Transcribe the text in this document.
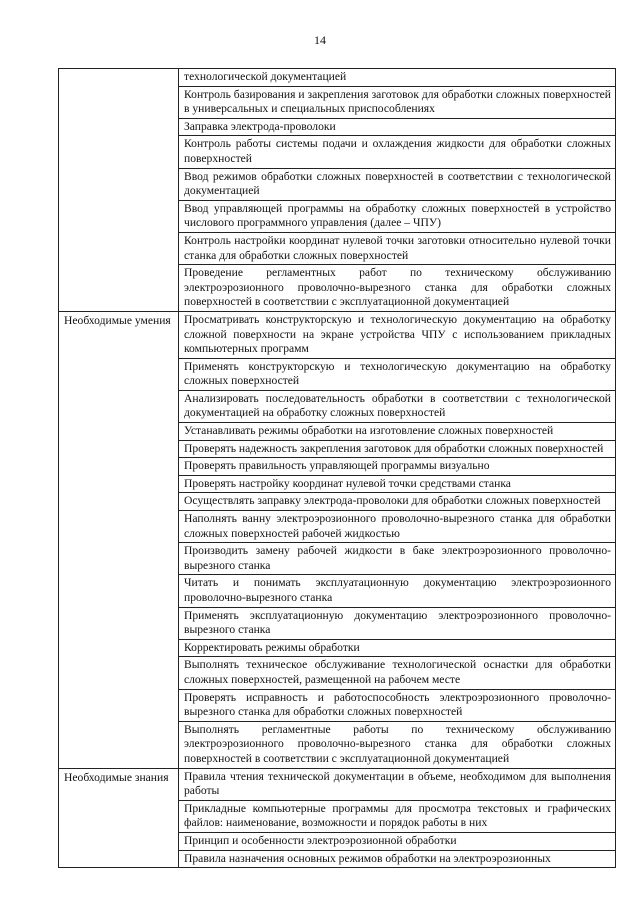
14
	технологической документацией
	Контроль базирования и закрепления заготовок для обработки сложных поверхностей в универсальных и специальных приспособлениях
	Заправка электрода-проволоки
	Контроль работы системы подачи и охлаждения жидкости для обработки сложных поверхностей
	Ввод режимов обработки сложных поверхностей в соответствии с технологической документацией
	Ввод управляющей программы на обработку сложных поверхностей в устройство числового программного управления (далее – ЧПУ)
	Контроль настройки координат нулевой точки заготовки относительно нулевой точки станка для обработки сложных поверхностей
	Проведение регламентных работ по техническому обслуживанию электроэрозионного проволочно-вырезного станка для обработки сложных поверхностей в соответствии с эксплуатационной документацией
Необходимые умения	Просматривать конструкторскую и технологическую документацию на обработку сложной поверхности на экране устройства ЧПУ с использованием прикладных компьютерных программ
	Применять конструкторскую и технологическую документацию на обработку сложных поверхностей
	Анализировать последовательность обработки в соответствии с технологической документацией на обработку сложных поверхностей
	Устанавливать режимы обработки на изготовление сложных поверхностей
	Проверять надежность закрепления заготовок для обработки сложных поверхностей
	Проверять правильность управляющей программы визуально
	Проверять настройку координат нулевой точки средствами станка
	Осуществлять заправку электрода-проволоки для обработки сложных поверхностей
	Наполнять ванну электроэрозионного проволочно-вырезного станка для обработки сложных поверхностей рабочей жидкостью
	Производить замену рабочей жидкости в баке электроэрозионного проволочно-вырезного станка
	Читать и понимать эксплуатационную документацию электроэрозионного проволочно-вырезного станка
	Применять эксплуатационную документацию электроэрозионного проволочно-вырезного станка
	Корректировать режимы обработки
	Выполнять техническое обслуживание технологической оснастки для обработки сложных поверхностей, размещенной на рабочем месте
	Проверять исправность и работоспособность электроэрозионного проволочно-вырезного станка для обработки сложных поверхностей
	Выполнять регламентные работы по техническому обслуживанию электроэрозионного проволочно-вырезного станка для обработки сложных поверхностей в соответствии с эксплуатационной документацией
Необходимые знания	Правила чтения технической документации в объеме, необходимом для выполнения работы
	Прикладные компьютерные программы для просмотра текстовых и графических файлов: наименование, возможности и порядок работы в них
	Принцип и особенности электроэрозионной обработки
	Правила назначения основных режимов обработки на электроэрозионных
